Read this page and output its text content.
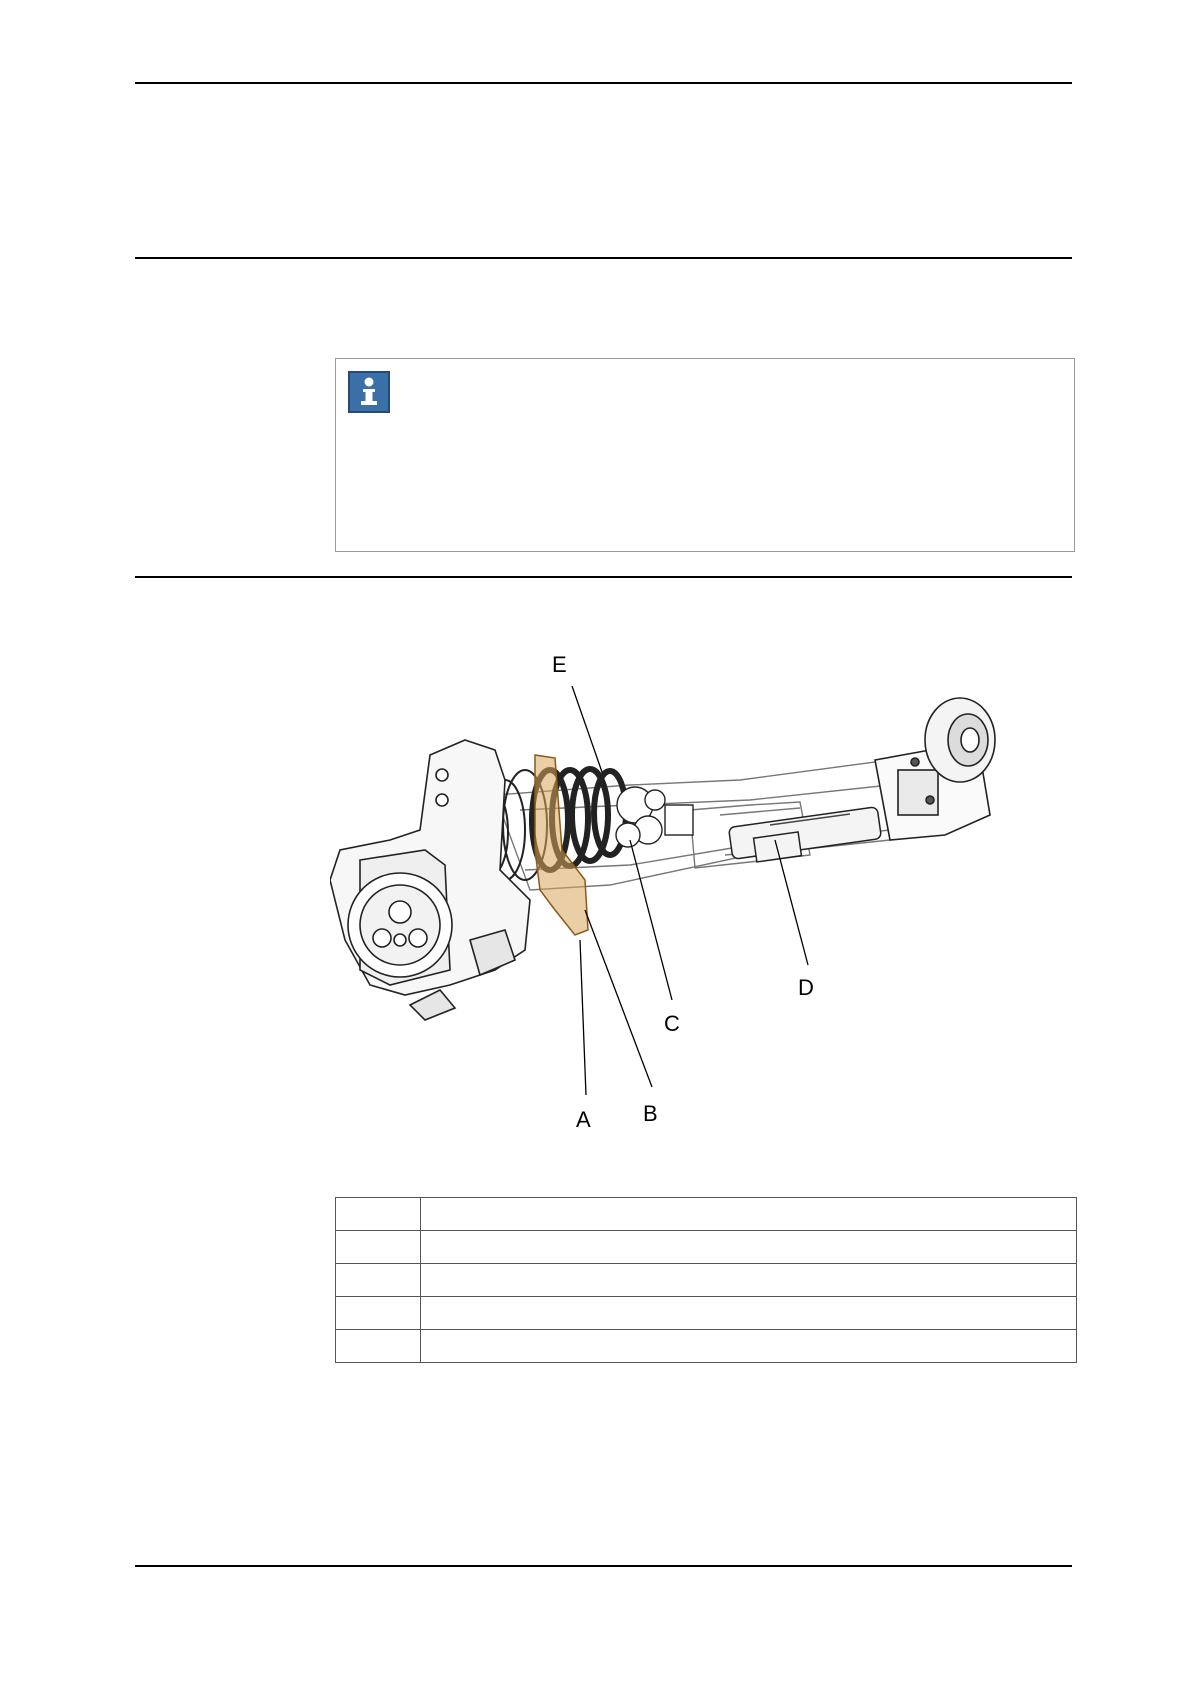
E
D
C
A B
